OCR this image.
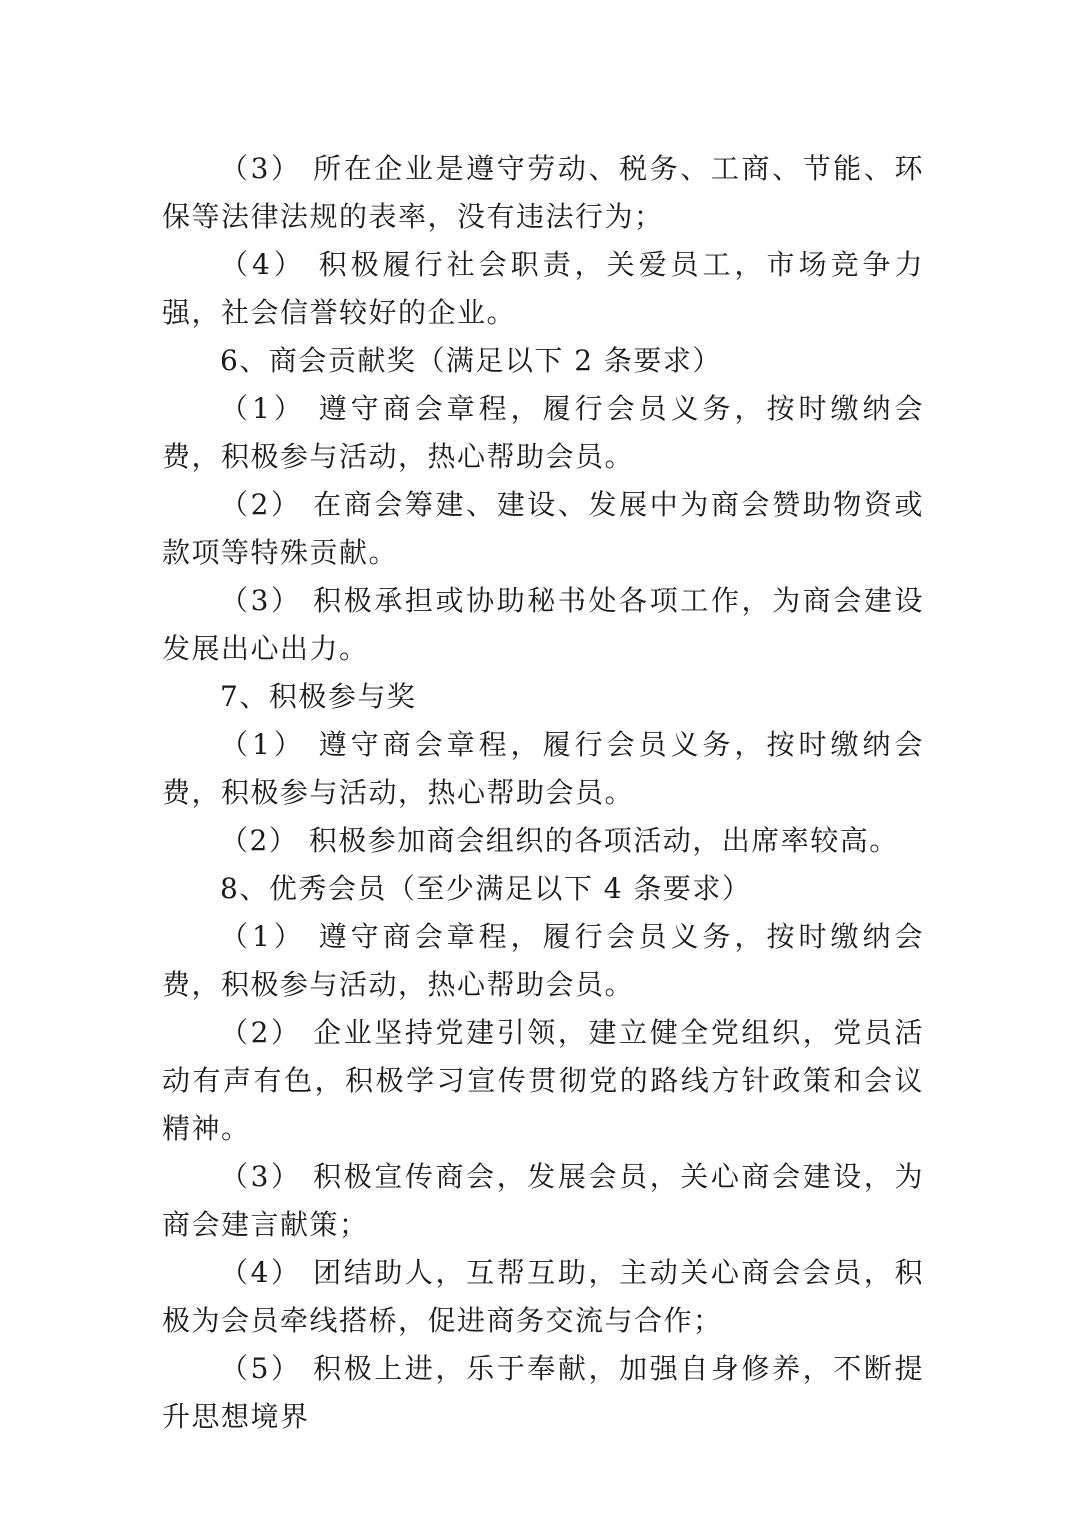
（3） 所在企业是遵守劳动、税务、工商、节能、环保等法律法规的表率，没有违法行为；

（4） 积极履行社会职责，关爱员工，市场竞争力强，社会信誉较好的企业。

6、商会贡献奖（满足以下 2 条要求）

（1） 遵守商会章程，履行会员义务，按时缴纳会费，积极参与活动，热心帮助会员。

（2） 在商会筹建、建设、发展中为商会赞助物资或款项等特殊贡献。

（3） 积极承担或协助秘书处各项工作，为商会建设发展出心出力。

7、积极参与奖

（1） 遵守商会章程，履行会员义务，按时缴纳会费，积极参与活动，热心帮助会员。

（2） 积极参加商会组织的各项活动，出席率较高。

8、优秀会员（至少满足以下 4 条要求）

（1） 遵守商会章程，履行会员义务，按时缴纳会费，积极参与活动，热心帮助会员。

（2） 企业坚持党建引领，建立健全党组织，党员活动有声有色，积极学习宣传贯彻党的路线方针政策和会议精神。

（3） 积极宣传商会，发展会员，关心商会建设，为商会建言献策；

（4） 团结助人，互帮互助，主动关心商会会员，积极为会员牵线搭桥，促进商务交流与合作；

（5） 积极上进，乐于奉献，加强自身修养，不断提升思想境界
